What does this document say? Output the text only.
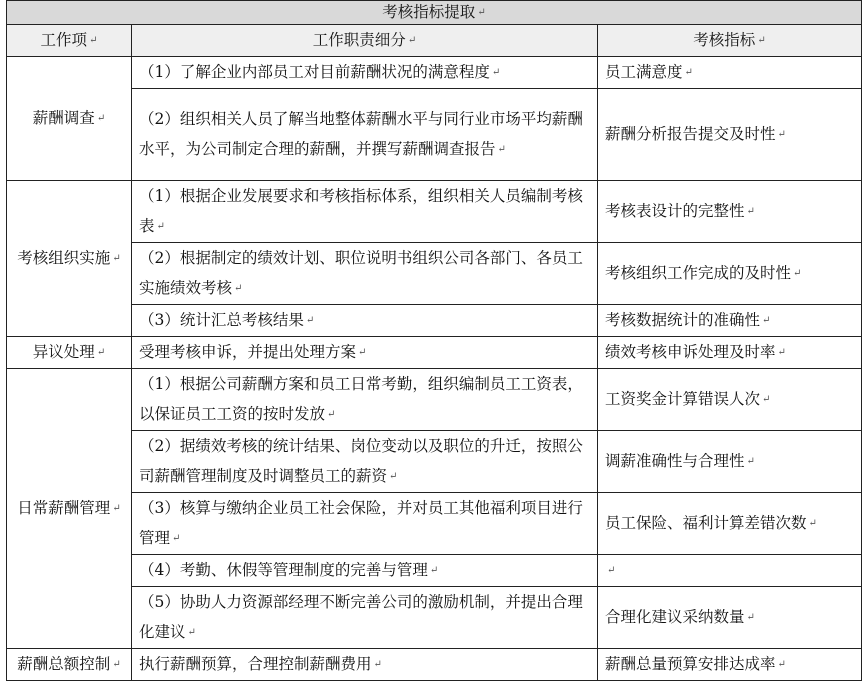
考核指标提取 ↵		
工作项 ↵	工作职责细分 ↵	考核指标 ↵
薪酬调查 ↵	（1）了解企业内部员工对目前薪酬状况的满意程度 ↵	员工满意度 ↵
	（2）组织相关人员了解当地整体薪酬水平与同行业市场平均薪酬水平，为公司制定合理的薪酬，并撰写薪酬调查报告 ↵	薪酬分析报告提交及时性 ↵
考核组织实施 ↵	（1）根据企业发展要求和考核指标体系，组织相关人员编制考核表 ↵	考核表设计的完整性 ↵
	（2）根据制定的绩效计划、职位说明书组织公司各部门、各员工实施绩效考核 ↵	考核组织工作完成的及时性 ↵
	（3）统计汇总考核结果 ↵	考核数据统计的准确性 ↵
异议处理 ↵	受理考核申诉，并提出处理方案 ↵	绩效考核申诉处理及时率 ↵
日常薪酬管理 ↵	（1）根据公司薪酬方案和员工日常考勤，组织编制员工工资表，以保证员工工资的按时发放 ↵	工资奖金计算错误人次 ↵
	（2）据绩效考核的统计结果、岗位变动以及职位的升迁，按照公司薪酬管理制度及时调整员工的薪资 ↵	调薪准确性与合理性 ↵
	（3）核算与缴纳企业员工社会保险，并对员工其他福利项目进行管理 ↵	员工保险、福利计算差错次数 ↵
	（4）考勤、休假等管理制度的完善与管理 ↵	↵
	（5）协助人力资源部经理不断完善公司的激励机制，并提出合理化建议 ↵	合理化建议采纳数量 ↵
薪酬总额控制 ↵	执行薪酬预算，合理控制薪酬费用 ↵	薪酬总量预算安排达成率 ↵
